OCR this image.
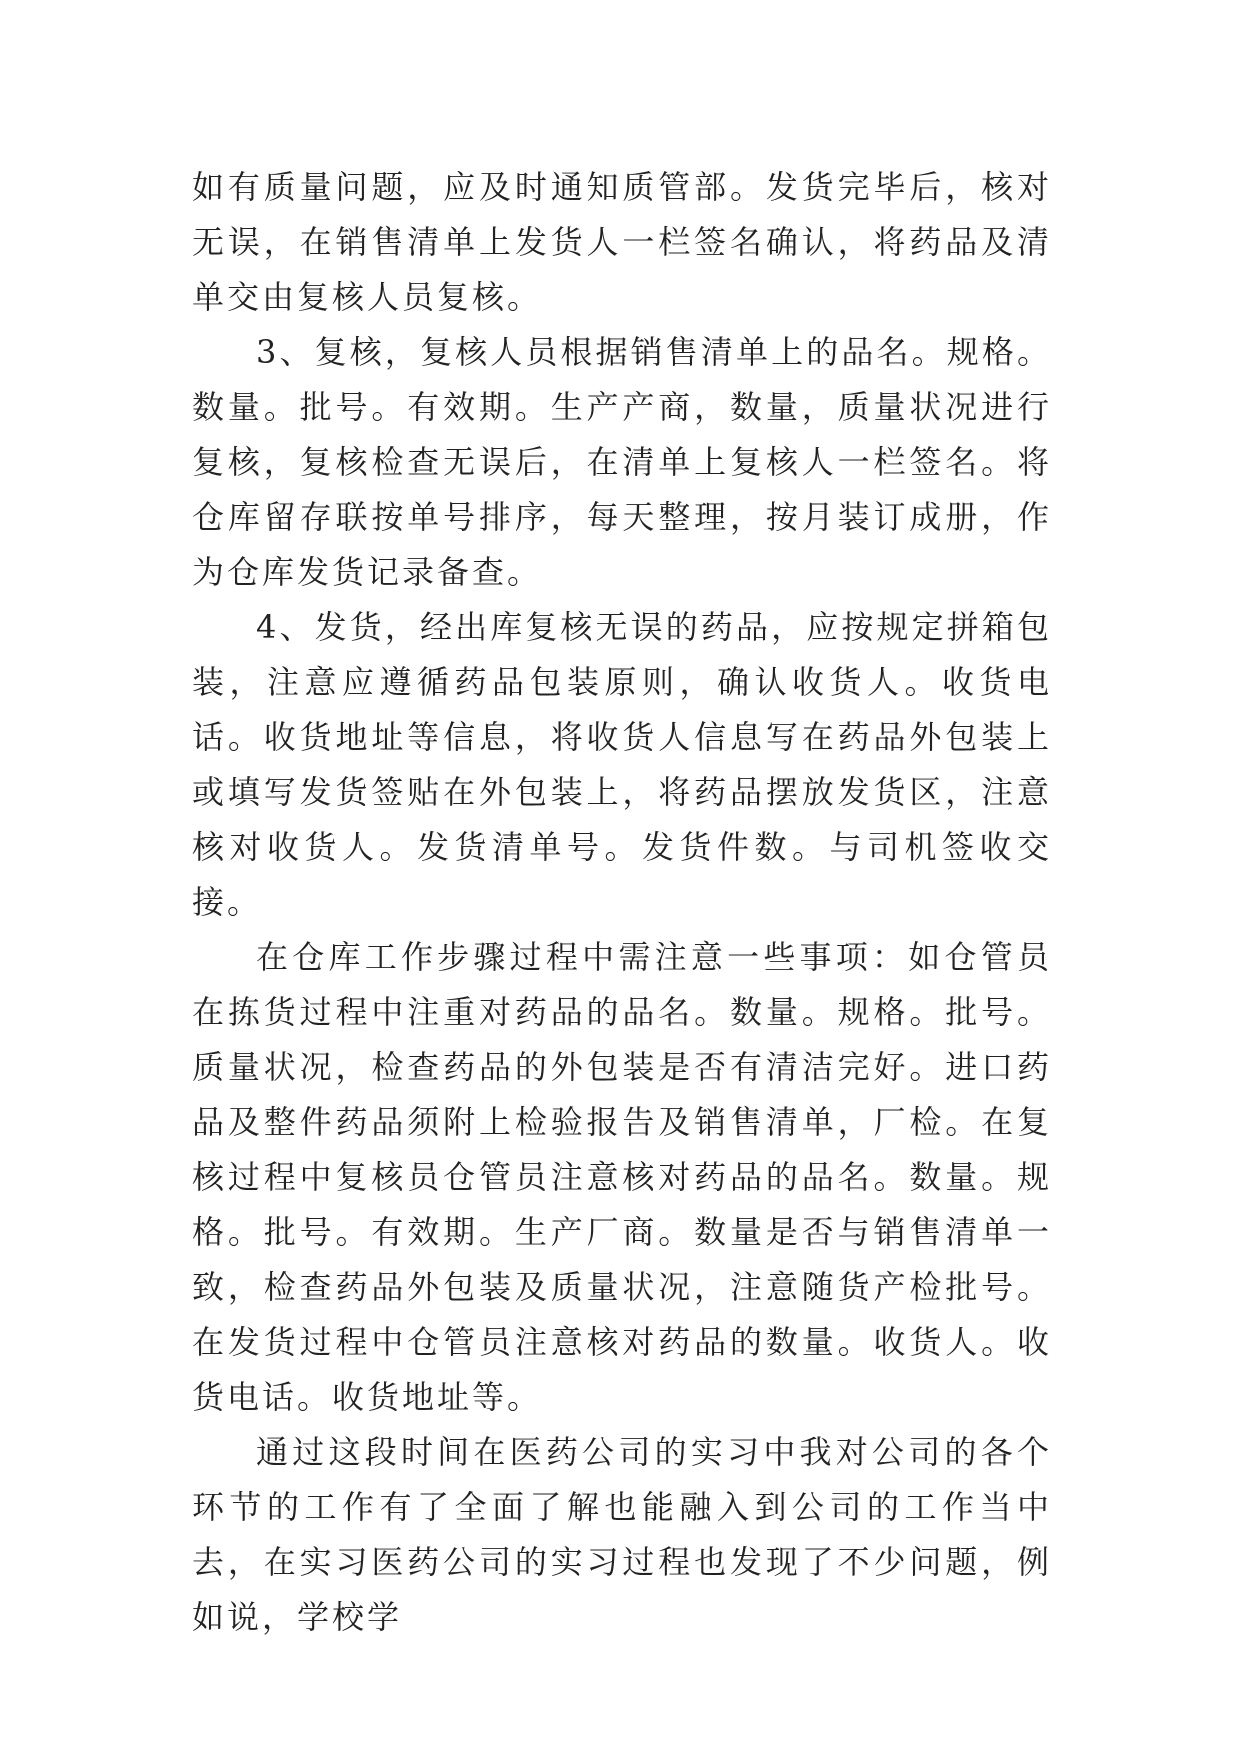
如有质量问题，应及时通知质管部。发货完毕后，核对无误，在销售清单上发货人一栏签名确认，将药品及清单交由复核人员复核。

3、复核，复核人员根据销售清单上的品名。规格。数量。批号。有效期。生产产商，数量，质量状况进行复核，复核检查无误后，在清单上复核人一栏签名。将仓库留存联按单号排序，每天整理，按月装订成册，作为仓库发货记录备查。

4、发货，经出库复核无误的药品，应按规定拼箱包装，注意应遵循药品包装原则，确认收货人。收货电话。收货地址等信息，将收货人信息写在药品外包装上或填写发货签贴在外包装上，将药品摆放发货区，注意核对收货人。发货清单号。发货件数。与司机签收交接。

在仓库工作步骤过程中需注意一些事项：如仓管员在拣货过程中注重对药品的品名。数量。规格。批号。质量状况，检查药品的外包装是否有清洁完好。进口药品及整件药品须附上检验报告及销售清单，厂检。在复核过程中复核员仓管员注意核对药品的品名。数量。规格。批号。有效期。生产厂商。数量是否与销售清单一致，检查药品外包装及质量状况，注意随货产检批号。在发货过程中仓管员注意核对药品的数量。收货人。收货电话。收货地址等。

通过这段时间在医药公司的实习中我对公司的各个环节的工作有了全面了解也能融入到公司的工作当中去，在实习医药公司的实习过程也发现了不少问题，例如说，学校学
